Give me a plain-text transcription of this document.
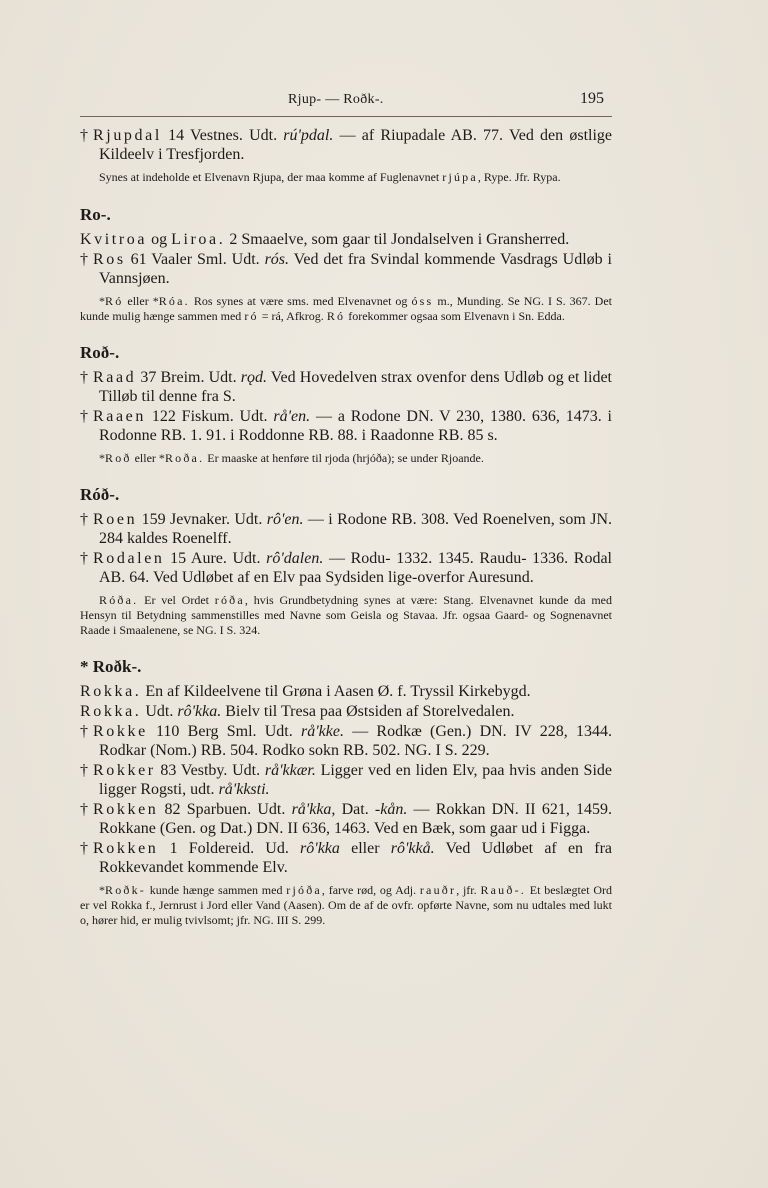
Rjup- — Roðk-.	195

† Rjupdal 14 Vestnes. Udt. rú'pdal. — af Riupadale AB. 77. Ved den østlige Kildeelv i Tresfjorden.

Synes at indeholde et Elvenavn Rjupa, der maa komme af Fuglenavnet rjúpa, Rype. Jfr. Rypa.

Ro-.

Kvitroa og Liroa. 2 Smaaelve, som gaar til Jondalselven i Gransherred.

† Ros 61 Vaaler Sml. Udt. rós. Ved det fra Svindal kommende Vasdrags Udløb i Vannsjøen.

*Ró eller *Róa. Ros synes at være sms. med Elvenavnet og óss m., Munding. Se NG. I S. 367. Det kunde mulig hænge sammen med ró = rá, Afkrog. Ró forekommer ogsaa som Elvenavn i Sn. Edda.

Roð-.

† Raad 37 Breim. Udt. rǫd. Ved Hovedelven strax ovenfor dens Udløb og et lidet Tilløb til denne fra S.

† Raaen 122 Fiskum. Udt. rå'en. — a Rodone DN. V 230, 1380. 636, 1473. i Rodonne RB. 1. 91. i Roddonne RB. 88. i Raadonne RB. 85 s.

*Roð eller *Roða. Er maaske at henføre til rjoda (hrjóða); se under Rjoande.

Róð-.

† Roen 159 Jevnaker. Udt. rô'en. — i Rodone RB. 308. Ved Roenelven, som JN. 284 kaldes Roenelff.

† Rodalen 15 Aure. Udt. rô'dalen. — Rodu- 1332. 1345. Raudu- 1336. Rodal AB. 64. Ved Udløbet af en Elv paa Sydsiden lige-overfor Auresund.

Róða. Er vel Ordet róða, hvis Grundbetydning synes at være: Stang. Elvenavnet kunde da med Hensyn til Betydning sammenstilles med Navne som Geisla og Stavaa. Jfr. ogsaa Gaard- og Sognenavnet Raade i Smaalenene, se NG. I S. 324.

* Roðk-.

Rokka. En af Kildeelvene til Grøna i Aasen Ø. f. Tryssil Kirkebygd.

Rokka. Udt. rô'kka. Bielv til Tresa paa Østsiden af Storelvedalen.

† Rokke 110 Berg Sml. Udt. rå'kke. — Rodkæ (Gen.) DN. IV 228, 1344. Rodkar (Nom.) RB. 504. Rodko sokn RB. 502. NG. I S. 229.

† Rokker 83 Vestby. Udt. rå'kkær. Ligger ved en liden Elv, paa hvis anden Side ligger Rogsti, udt. rå'kksti.

† Rokken 82 Sparbuen. Udt. rå'kka, Dat. -kån. — Rokkan DN. II 621, 1459. Rokkane (Gen. og Dat.) DN. II 636, 1463. Ved en Bæk, som gaar ud i Figga.

† Rokken 1 Foldereid. Ud. rô'kka eller rô'kkå. Ved Udløbet af en fra Rokkevandet kommende Elv.

*Roðk- kunde hænge sammen med rjóða, farve rød, og Adj. rauðr, jfr. Rauð-. Et beslægtet Ord er vel Rokka f., Jernrust i Jord eller Vand (Aasen). Om de af de ovfr. opførte Navne, som nu udtales med lukt o, hører hid, er mulig tvivlsomt; jfr. NG. III S. 299.
